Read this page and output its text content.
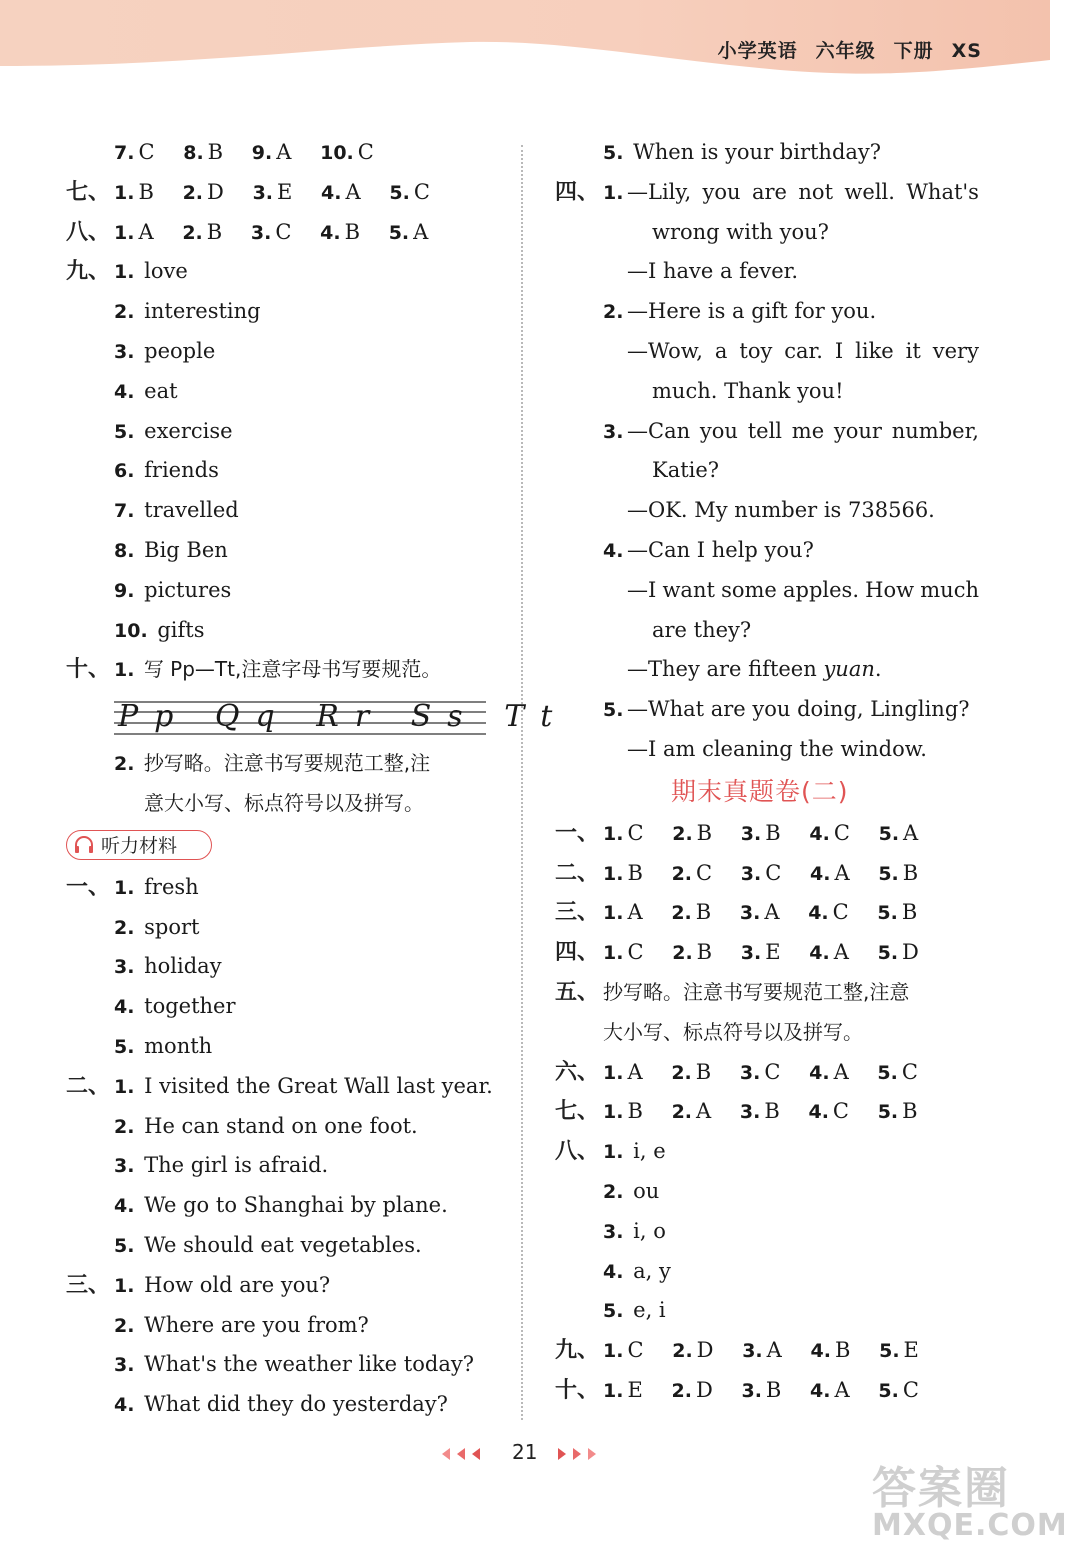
小学英语 六年级 下册 XS
7. C 8. B 9. A 10. C
七、 1. B 2. D 3. E 4. A 5. C
八、 1. A 2. B 3. C 4. B 5. A
九、 1. love
2. interesting
3. people
4. eat
5. exercise
6. friends
7. travelled
8. Big Ben
9. pictures
10. gifts
十、 1. 写 Pp—Tt,注意字母书写要规范。
Pp Qq Rr Ss Tt
2. 抄写略。注意书写要规范工整,注
意大小写、标点符号以及拼写。
听力材料
一、 1. fresh
2. sport
3. holiday
4. together
5. month
二、 1. I visited the Great Wall last year.
2. He can stand on one foot.
3. The girl is afraid.
4. We go to Shanghai by plane.
5. We should eat vegetables.
三、 1. How old are you?
2. Where are you from?
3. What's the weather like today?
4. What did they do yesterday?
5. When is your birthday?
四、 1. —Lily, you are not well. What's
wrong with you?
—I have a fever.
2. —Here is a gift for you.
—Wow, a toy car. I like it very
much. Thank you!
3. —Can you tell me your number,
Katie?
—OK. My number is 738566.
4. —Can I help you?
—I want some apples. How much
are they?
—They are fifteen yuan.
5. —What are you doing, Lingling?
—I am cleaning the window.
期末真题卷(二)
一、 1. C 2. B 3. B 4. C 5. A
二、 1. B 2. C 3. C 4. A 5. B
三、 1. A 2. B 3. A 4. C 5. B
四、 1. C 2. B 3. E 4. A 5. D
五、 抄写略。注意书写要规范工整,注意
大小写、标点符号以及拼写。
六、 1. A 2. B 3. C 4. A 5. C
七、 1. B 2. A 3. B 4. C 5. B
八、 1. i, e
2. ou
3. i, o
4. a, y
5. e, i
九、 1. C 2. D 3. A 4. B 5. E
十、 1. E 2. D 3. B 4. A 5. C
21
答案圈
MXQE.COM
